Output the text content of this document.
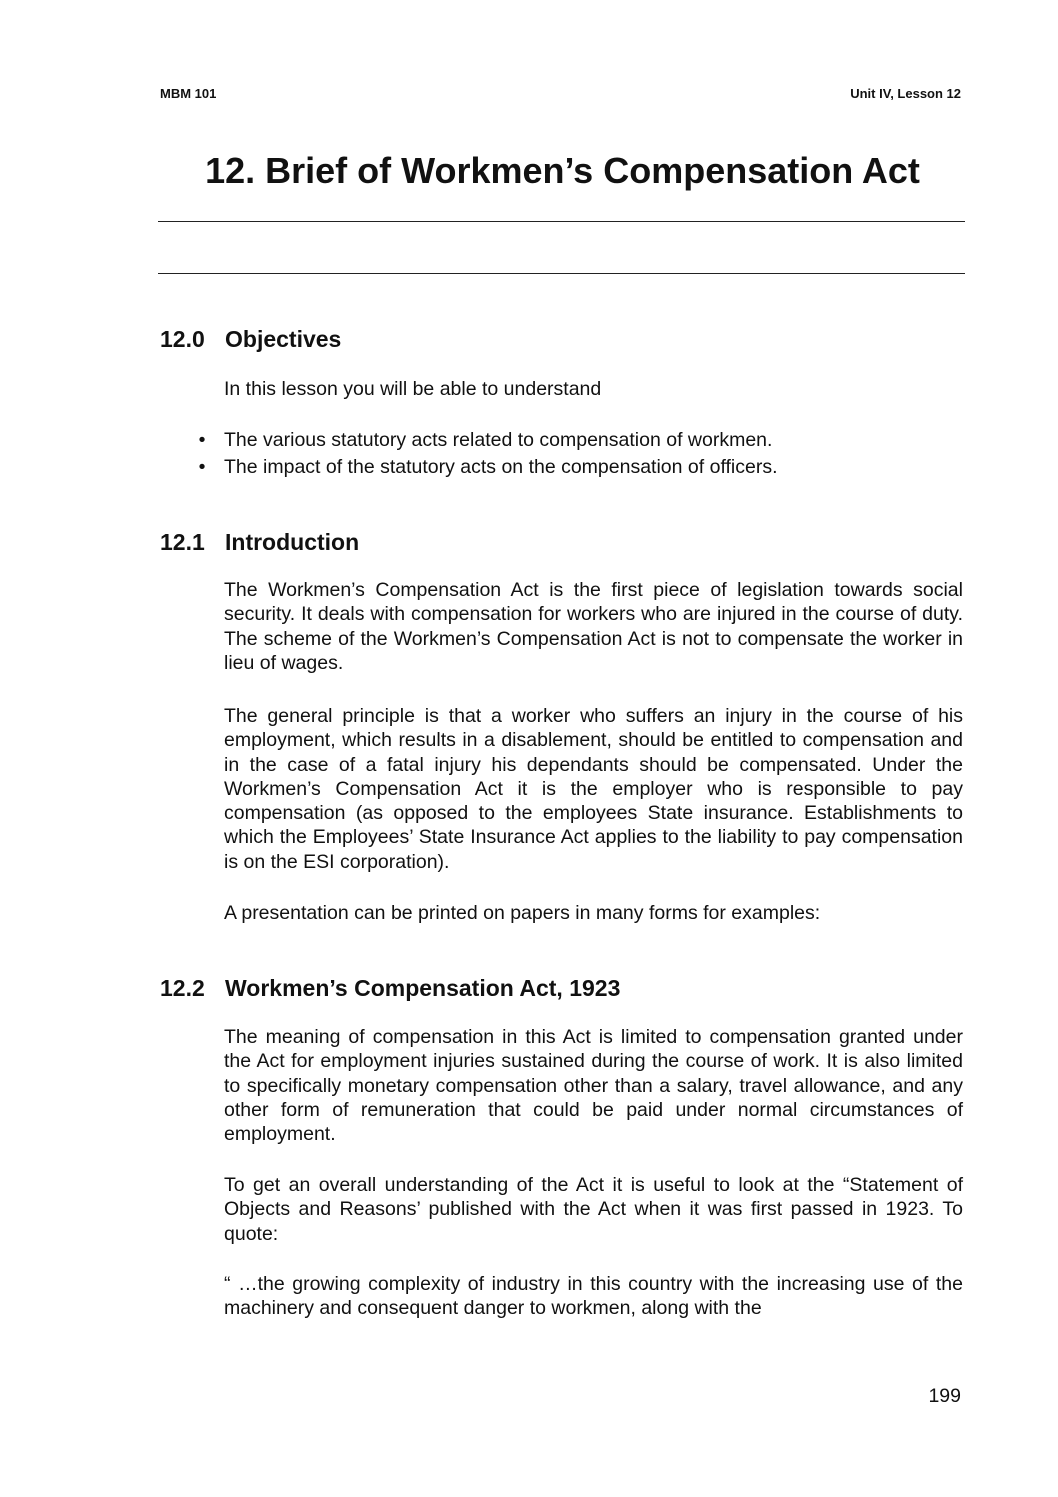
MBM 101	Unit IV, Lesson 12
12. Brief of Workmen’s Compensation Act
12.0 Objectives

In this lesson you will be able to understand

• The various statutory acts related to compensation of workmen.
• The impact of the statutory acts on the compensation of officers.
12.1 Introduction

The Workmen’s Compensation Act is the first piece of legislation towards social security. It deals with compensation for workers who are injured in the course of duty. The scheme of the Workmen’s Compensation Act is not to compensate the worker in lieu of wages.

The general principle is that a worker who suffers an injury in the course of his employment, which results in a disablement, should be entitled to compensation and in the case of a fatal injury his dependants should be compensated. Under the Workmen’s Compensation Act it is the employer who is responsible to pay compensation (as opposed to the employees State insurance. Establishments to which the Employees’ State Insurance Act applies to the liability to pay compensation is on the ESI corporation).

A presentation can be printed on papers in many forms for examples:

12.2 Workmen’s Compensation Act, 1923

The meaning of compensation in this Act is limited to compensation granted under the Act for employment injuries sustained during the course of work. It is also limited to specifically monetary compensation other than a salary, travel allowance, and any other form of remuneration that could be paid under normal circumstances of employment.

To get an overall understanding of the Act it is useful to look at the “Statement of Objects and Reasons’ published with the Act when it was first passed in 1923. To quote:

“ …the growing complexity of industry in this country with the increasing use of the machinery and consequent danger to workmen, along with the

199
